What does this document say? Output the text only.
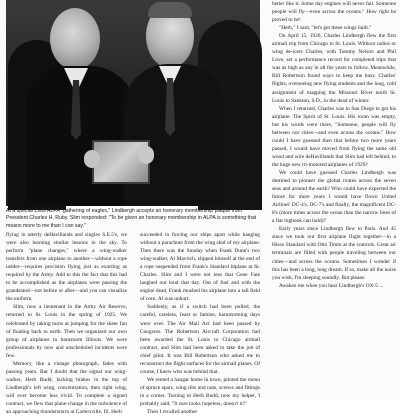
At a special 1969 ALPA "gathering of eagles," Lindbergh accepts an honorary membership plaque from President Charles H. Ruby. Slim responded: "To be given an honorary membership in ALPA is something that means more to me than I can say."

flying in utterly deHavillands and singles S.E.5's, we were also learning similar lessons in the sky. To perform "plane changes," where a wing-walker transfers from one airplane to another—without a rope ladder—requires precision flying just as exacting as required by the Army. Add to this the fact that this had to be accomplished as the airplanes were passing the grandstand—not before or after—and you can visualize the uniform.

Slim, now a lieutenant in the Army Air Reserve, returned to St. Louis in the spring of 1925. We celebrated by taking turns at jumping for the sheer fun of floating back to earth. Then we organized our own group of airplanes to barnstorm Illinois. We were professionals by now and unscheduled incidents were few.

Memory, like a vintage photograph, fades with passing years. But I doubt that the signal our wing-walker, Herb Budd, kicking brakes in the top of Lindbergh's left wing, concentration, then right wing, will ever become less vivid. To complete a signed contract, we flew that plane-change in the turbulence of an approaching thunderstorm at Cartersville, Ill. Herb

succeeded in forcing our ships apart while hanging without a parachute from the wing skid of my airplane. Then there was the Sunday when Frank Dunn's two wing-walker, Al Mavrich, slipped himself at the end of a rope suspended from Frank's Standard biplane at St. Charles. Slim and I were not less that Gene Fate laughed out loud that day. Out of fuel and with the engine dead, Frank mushed his airplane into a tall field of corn. Al was unhurt.

Suddenly, as if a switch had been pulled, the careful, careless, feast or famine, barnstorming days were over. The Air Mail Act had been passed by Congress. The Robertson Aircraft Corporation had been awarded the St. Louis to Chicago airmail contract, and Slim had been asked to take the job of chief pilot. It was Bill Robertson who asked me to reconstruct the flight surfaces for the airmail planes. Of course, I knew who was behind that.

We rented a hangar home in town, piloted the menu of spruce spars, wing ribs and nuts, screws and fittings in a corner. Turning to Herb Budd, now my helper, I probably said, "It sure looks hopeless, doesn't it?"

Then I recalled another

better like it. Some day engines will never fail. Someone people will fly—even across the oceans." How right he proved to be!

"Herb," I said, "let's get these wings built."

On April 15, 1926, Charles Lindbergh flew the first airmail trip from Chicago to St. Louis. Without radios or wing de-icers Charles, with Tommy Nelson and Phil Love, set a performance record for completed trips that was as high as any in all the years to follow. Meanwhile, Bill Robertson found ways to keep me busy. Charles' flights, overseeing new flying students and the long, cold assignment of mapping the Missouri River north St. Louis to Sankton, S.D., in the dead of winter.

When I returned, Charles was in San Diego to get his airplane. The Spirit of St. Louis. His room was empty, but his words were there, "Someone, people will fly between our cities—and even across the oceans." How could I have guessed then that before two more years passed, I would have moved from flying the same old wood and wire deHavillands that Slim had left behind, to the huge new tri-motored airplanes of 1929?

We could have guessed Charles Lindbergh was destined to pioneer the global routes across the seven seas and around the earth? Who could have expected the future for more years I would have flown United Airlines' DC-4's, DC-7's and finally, the magnificent DC-8's (more times across the ocean than the narrow lines of a flat logbook can hold)?

Early years since Lindbergh flew to Paris. And 45 since we took our first airplane flight together—in a Hisso Standard with Otto Timm at the controls. Great air terminals are filled with people traveling between our cities—and across the oceans. Sometimes I wonder if this has been a long, long dream. If so, make all the noise you wish, I'm sleeping soundly. But please:

Awaken me when you hear Lindbergh's OX-5 ...
